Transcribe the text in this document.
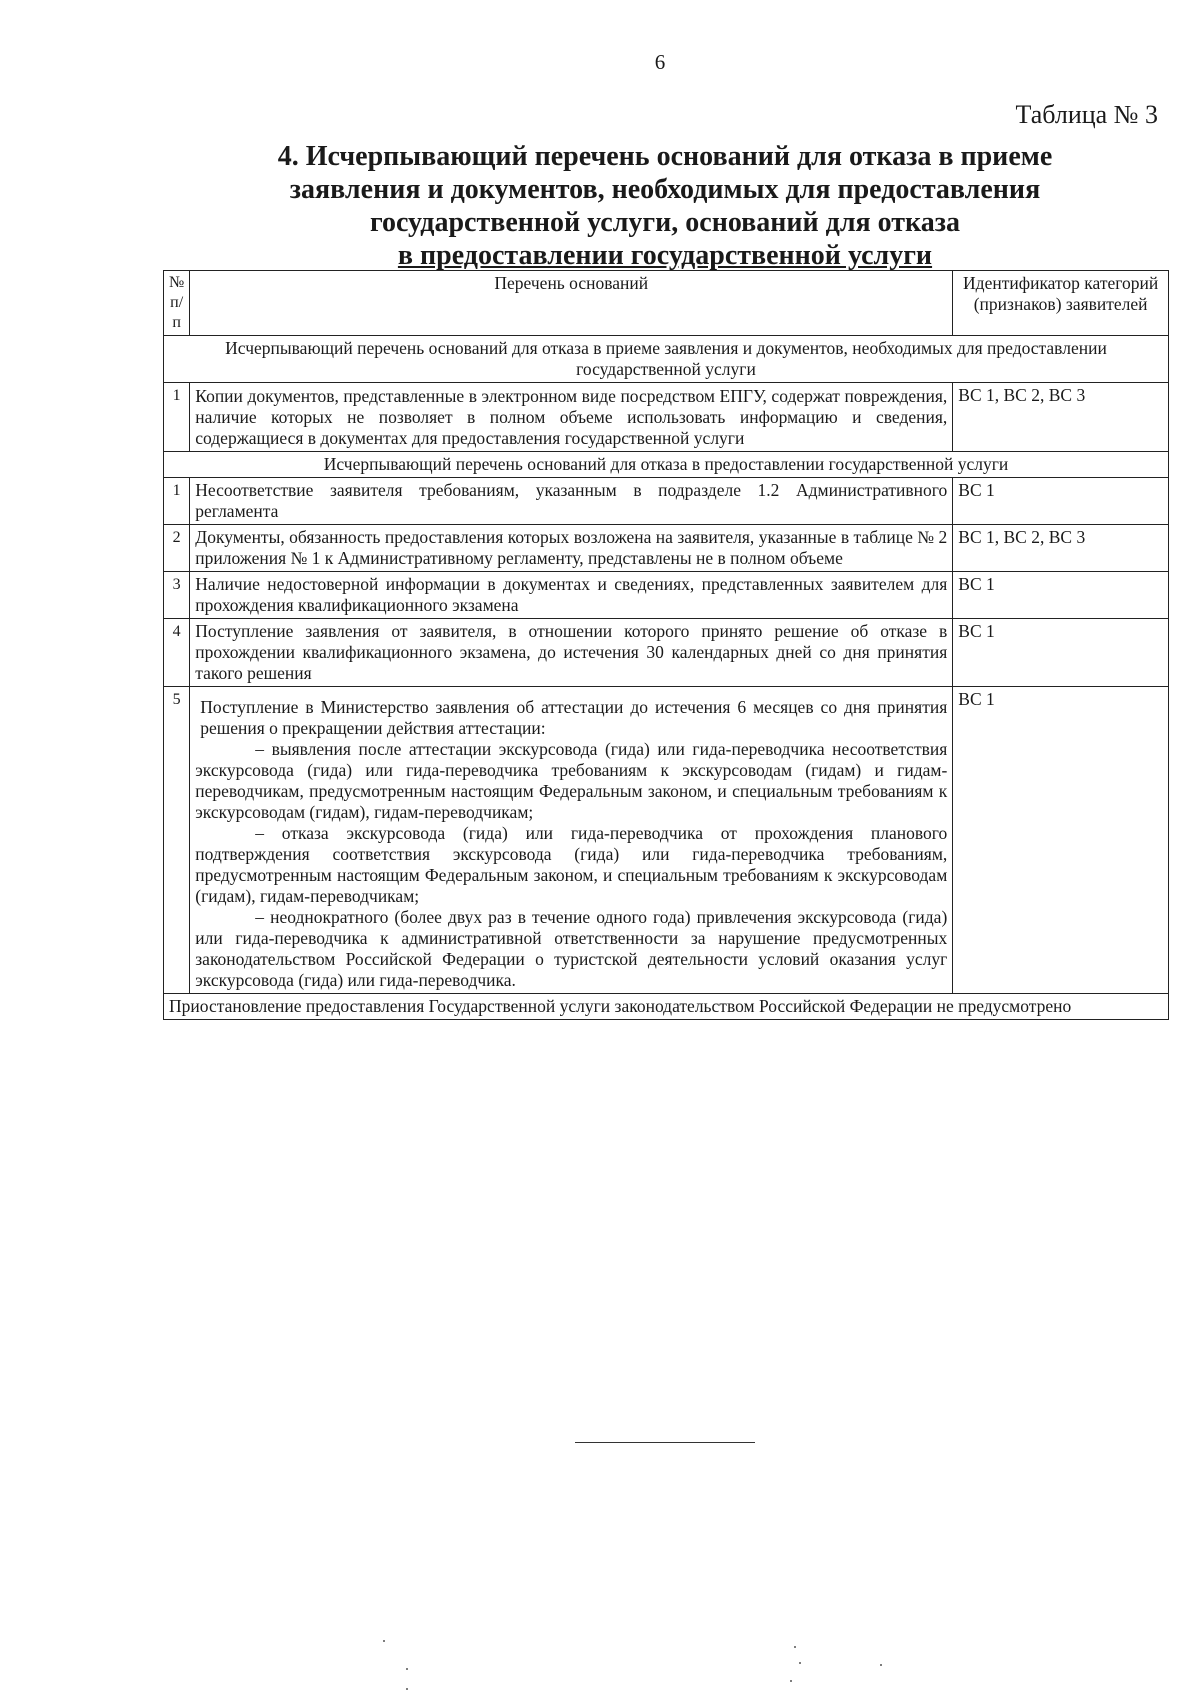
6
Таблица № 3
4. Исчерпывающий перечень оснований для отказа в приеме
заявления и документов, необходимых для предоставления
государственной услуги, оснований для отказа
в предоставлении государственной услуги
№ п/п	Перечень оснований	Идентификатор категорий (признаков) заявителей
Исчерпывающий перечень оснований для отказа в приеме заявления и документов, необходимых для предоставлении государственной услуги		
1	Копии документов, представленные в электронном виде посредством ЕПГУ, содержат повреждения, наличие которых не позволяет в полном объеме использовать информацию и сведения, содержащиеся в документах для предоставления государственной услуги	ВС 1, ВС 2, ВС 3
Исчерпывающий перечень оснований для отказа в предоставлении государственной услуги		
1	Несоответствие заявителя требованиям, указанным в подразделе 1.2 Административного регламента	ВС 1
2	Документы, обязанность предоставления которых возложена на заявителя, указанные в таблице № 2 приложения № 1 к Административному регламенту, представлены не в полном объеме	ВС 1, ВС 2, ВС 3
3	Наличие недостоверной информации в документах и сведениях, представленных заявителем для прохождения квалификационного экзамена	ВС 1
4	Поступление заявления от заявителя, в отношении которого принято решение об отказе в прохождении квалификационного экзамена, до истечения 30 календарных дней со дня принятия такого решения	ВС 1
5	Поступление в Министерство заявления об аттестации до истечения 6 месяцев со дня принятия решения о прекращении действия аттестации:

– выявления после аттестации экскурсовода (гида) или гида-переводчика несоответствия экскурсовода (гида) или гида-переводчика требованиям к экскурсоводам (гидам) и гидам-переводчикам, предусмотренным настоящим Федеральным законом, и специальным требованиям к экскурсоводам (гидам), гидам-переводчикам;

– отказа экскурсовода (гида) или гида-переводчика от прохождения планового подтверждения соответствия экскурсовода (гида) или гида-переводчика требованиям, предусмотренным настоящим Федеральным законом, и специальным требованиям к экскурсоводам (гидам), гидам-переводчикам;

– неоднократного (более двух раз в течение одного года) привлечения экскурсовода (гида) или гида-переводчика к административной ответственности за нарушение предусмотренных законодательством Российской Федерации о туристской деятельности условий оказания услуг экскурсовода (гида) или гида-переводчика.	ВС 1
Приостановление предоставления Государственной услуги законодательством Российской Федерации не предусмотрено		
